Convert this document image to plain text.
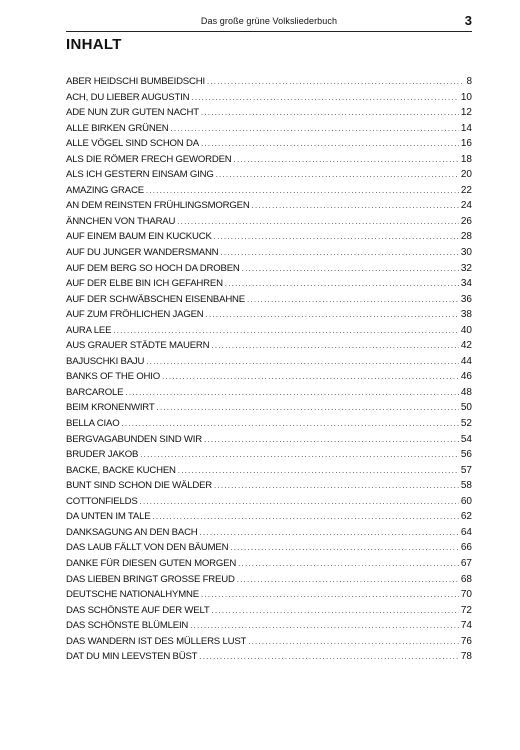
Das große grüne Volksliederbuch	3
INHALT
ABER HEIDSCHI BUMBEIDSCHI .....	8
ACH, DU LIEBER AUGUSTIN .....	10
ADE NUN ZUR GUTEN NACHT .....	12
ALLE BIRKEN GRÜNEN .....	14
ALLE VÖGEL SIND SCHON DA .....	16
ALS DIE RÖMER FRECH GEWORDEN .....	18
ALS ICH GESTERN EINSAM GING .....	20
AMAZING GRACE .....	22
AN DEM REINSTEN FRÜHLINGSMORGEN .....	24
ÄNNCHEN VON THARAU .....	26
AUF EINEM BAUM EIN KUCKUCK .....	28
AUF DU JUNGER WANDERSMANN .....	30
AUF DEM BERG SO HOCH DA DROBEN .....	32
AUF DER ELBE BIN ICH GEFAHREN .....	34
AUF DER SCHWÄBSCHEN EISENBAHNE .....	36
AUF ZUM FRÖHLICHEN JAGEN .....	38
AURA LEE .....	40
AUS GRAUER STÄDTE MAUERN .....	42
BAJUSCHKI BAJU .....	44
BANKS OF THE OHIO .....	46
BARCAROLE .....	48
BEIM KRONENWIRT .....	50
BELLA CIAO .....	52
BERGVAGABUNDEN SIND WIR .....	54
BRUDER JAKOB .....	56
BACKE, BACKE KUCHEN .....	57
BUNT SIND SCHON DIE WÄLDER .....	58
COTTONFIELDS .....	60
DA UNTEN IM TALE .....	62
DANKSAGUNG AN DEN BACH .....	64
DAS LAUB FÄLLT VON DEN BÄUMEN .....	66
DANKE FÜR DIESEN GUTEN MORGEN .....	67
DAS LIEBEN BRINGT GROSSE FREUD .....	68
DEUTSCHE NATIONALHYMNE .....	70
DAS SCHÖNSTE AUF DER WELT .....	72
DAS SCHÖNSTE BLÜMLEIN .....	74
DAS WANDERN IST DES MÜLLERS LUST .....	76
DAT DU MIN LEEVSTEN BÜST .....	78
